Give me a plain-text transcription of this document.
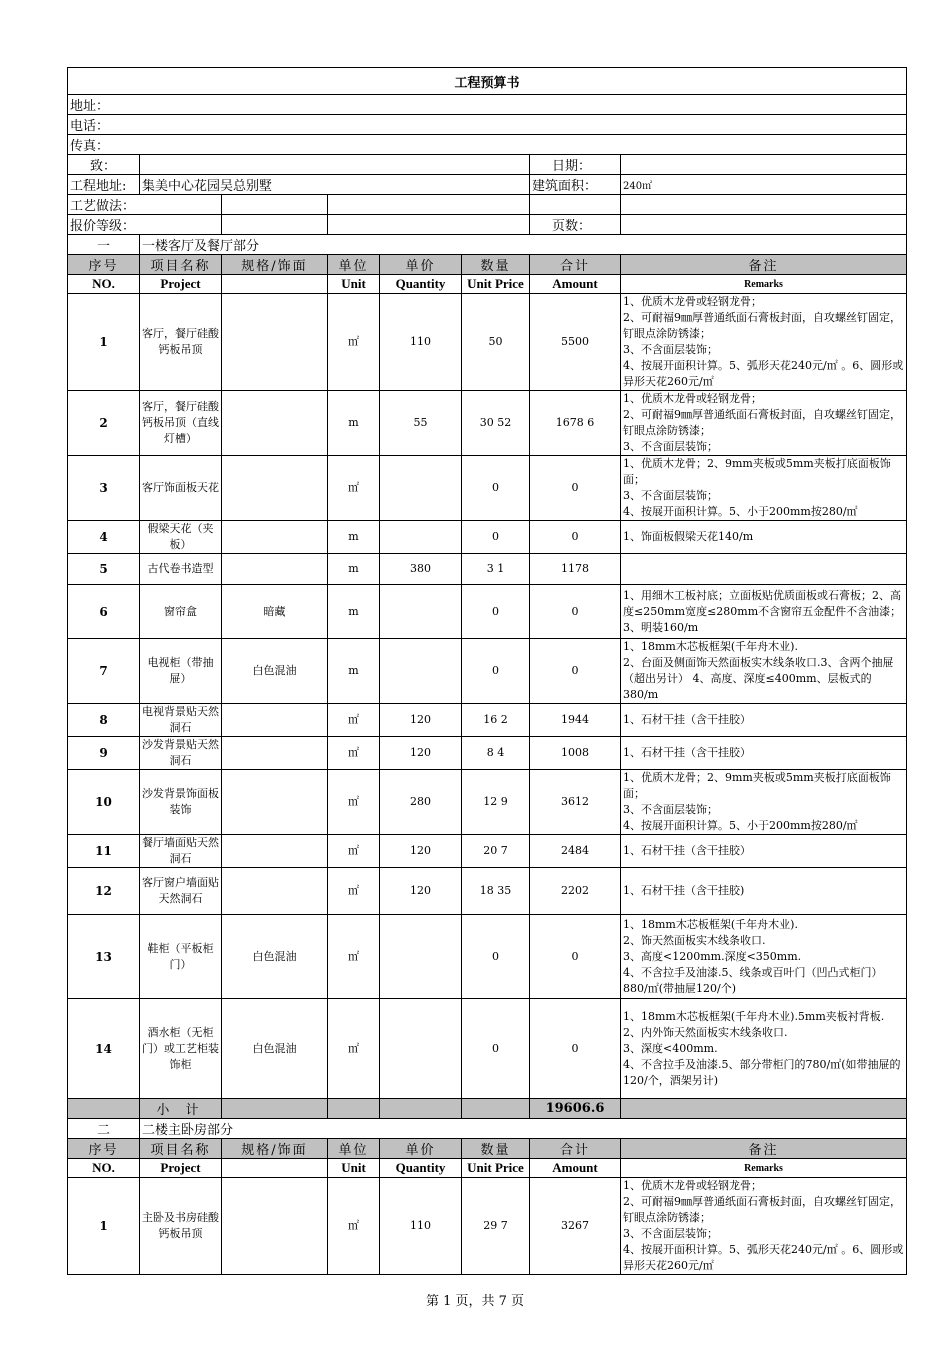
工程预算书							
地址：							
电话：							
传真：							
致：						日期：	
工程地址:	集美中心花园吴总别墅					建筑面积：	240㎡
工艺做法：							
报价等级：						页数：	
一	一楼客厅及餐厅部分						
序号	项目名称	规格/饰面	单位	单价	数量	合计	备注
NO.	Project		Unit	Quantity	Unit Price	Amount	Remarks
1	客厅，餐厅硅酸钙板吊顶		㎡	110	50	5500	1、优质木龙骨或轻钢龙骨；
2、可耐福9㎜厚普通纸面石膏板封面，自攻螺丝钉固定，钉眼点涂防锈漆；
3、不含面层装饰；
4、按展开面积计算。5、弧形天花240元/㎡ 。6、圆形或异形天花260元/㎡

2	客厅，餐厅硅酸钙板吊顶（直线灯槽）		m	55	30 52	1678 6	1、优质木龙骨或轻钢龙骨；
2、可耐福9㎜厚普通纸面石膏板封面，自攻螺丝钉固定，钉眼点涂防锈漆；
3、不含面层装饰；

3	客厅饰面板天花		㎡		0	0	1、优质木龙骨；2、9mm夹板或5mm夹板打底面板饰面；
3、不含面层装饰；
4、按展开面积计算。5、小于200mm按280/㎡

4	假梁天花（夹板）		m		0	0	1、饰面板假梁天花140/m

5	古代卷书造型		m	380	3 1	1178	
6	窗帘盒	暗藏	m		0	0	1、用细木工板衬底；立面板贴优质面板或石膏板；2、高度≤250mm宽度≤280mm不含窗帘五金配件不含油漆；3、明装160/m

7	电视柜（带抽屉）	白色混油	m		0	0	1、18mm木芯板框架(千年舟木业).
2、台面及侧面饰天然面板实木线条收口.3、含两个抽屉（超出另计） 4、高度、深度≤400mm、层板式的380/m

8	电视背景贴天然洞石		㎡	120	16 2	1944	1、石材干挂（含干挂胶）

9	沙发背景贴天然洞石		㎡	120	8 4	1008	1、石材干挂（含干挂胶）

10	沙发背景饰面板装饰		㎡	280	12 9	3612	1、优质木龙骨；2、9mm夹板或5mm夹板打底面板饰面；
3、不含面层装饰；
4、按展开面积计算。5、小于200mm按280/㎡

11	餐厅墙面贴天然洞石		㎡	120	20 7	2484	1、石材干挂（含干挂胶）

12	客厅窗户墙面贴天然洞石		㎡	120	18 35	2202	1、石材干挂（含干挂胶)

13	鞋柜（平板柜门）	白色混油	㎡		0	0	1、18mm木芯板框架(千年舟木业).
2、饰天然面板实木线条收口.
3、高度<1200mm.深度<350mm.
4、不含拉手及油漆.5、线条或百叶门（凹凸式柜门）880/㎡(带抽屉120/个)

14	酒水柜（无柜门）或工艺柜装饰柜	白色混油	㎡		0	0	1、18mm木芯板框架(千年舟木业).5mm夹板衬背板. 2、内外饰天然面板实木线条收口.
3、深度<400mm.
4、不含拉手及油漆.5、部分带柜门的780/㎡(如带抽屉的120/个，酒架另计)

	小 计					19606.6	
二	二楼主卧房部分						
序号	项目名称	规格/饰面	单位	单价	数量	合计	备注
NO.	Project		Unit	Quantity	Unit Price	Amount	Remarks
1	主卧及书房硅酸钙板吊顶		㎡	110	29 7	3267	1、优质木龙骨或轻钢龙骨；
2、可耐福9㎜厚普通纸面石膏板封面，自攻螺丝钉固定，钉眼点涂防锈漆；
3、不含面层装饰；
4、按展开面积计算。5、弧形天花240元/㎡ 。6、圆形或异形天花260元/㎡
第 1 页，共 7 页
